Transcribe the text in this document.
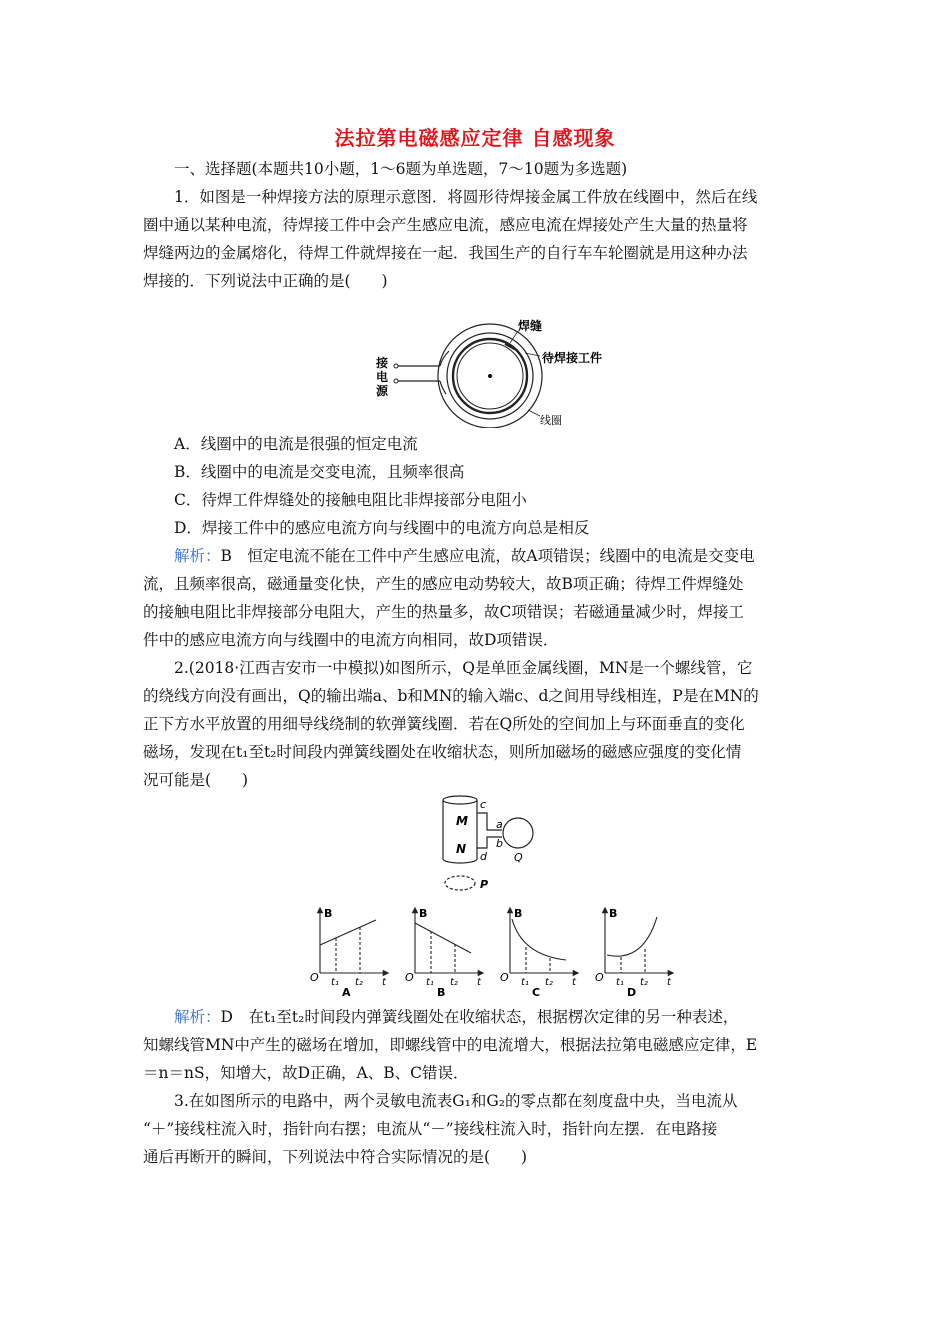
法拉第电磁感应定律 自感现象
一、选择题(本题共10小题，1～6题为单选题，7～10题为多选题)
1．如图是一种焊接方法的原理示意图．将圆形待焊接金属工件放在线圈中，然后在线
圈中通以某种电流，待焊接工件中会产生感应电流，感应电流在焊接处产生大量的热量将
焊缝两边的金属熔化，待焊工件就焊接在一起．我国生产的自行车车轮圈就是用这种办法
焊接的．下列说法中正确的是(　　)
焊缝
待焊接工件
线圈
接
电
源
A．线圈中的电流是很强的恒定电流
B．线圈中的电流是交变电流，且频率很高
C．待焊工件焊缝处的接触电阻比非焊接部分电阻小
D．焊接工件中的感应电流方向与线圈中的电流方向总是相反
解析：B　恒定电流不能在工件中产生感应电流，故A项错误；线圈中的电流是交变电
流，且频率很高，磁通量变化快，产生的感应电动势较大，故B项正确；待焊工件焊缝处
的接触电阻比非焊接部分电阻大，产生的热量多，故C项错误；若磁通量减少时，焊接工
件中的感应电流方向与线圈中的电流方向相同，故D项错误．
2.(2018·江西吉安市一中模拟)如图所示，Q是单匝金属线圈，MN是一个螺线管，它
的绕线方向没有画出，Q的输出端a、b和MN的输入端c、d之间用导线相连，P是在MN的
正下方水平放置的用细导线绕制的软弹簧线圈．若在Q所处的空间加上与环面垂直的变化
磁场，发现在t₁至t₂时间段内弹簧线圈处在收缩状态，则所加磁场的磁感应强度的变化情
况可能是(　　)
M
N
c
d
a
b
Q
P
B
O t₁ t₂ t
A
B
O t₁ t₂ t
B
B
O t₁ t₂ t
C
B
O t₁ t₂ t
D
解析：D　在t₁至t₂时间段内弹簧线圈处在收缩状态，根据楞次定律的另一种表述，
知螺线管MN中产生的磁场在增加，即螺线管中的电流增大，根据法拉第电磁感应定律，E
＝n＝nS，知增大，故D正确，A、B、C错误．
3.在如图所示的电路中，两个灵敏电流表G₁和G₂的零点都在刻度盘中央，当电流从
“＋”接线柱流入时，指针向右摆；电流从“－”接线柱流入时，指针向左摆．在电路接
通后再断开的瞬间，下列说法中符合实际情况的是(　　)
